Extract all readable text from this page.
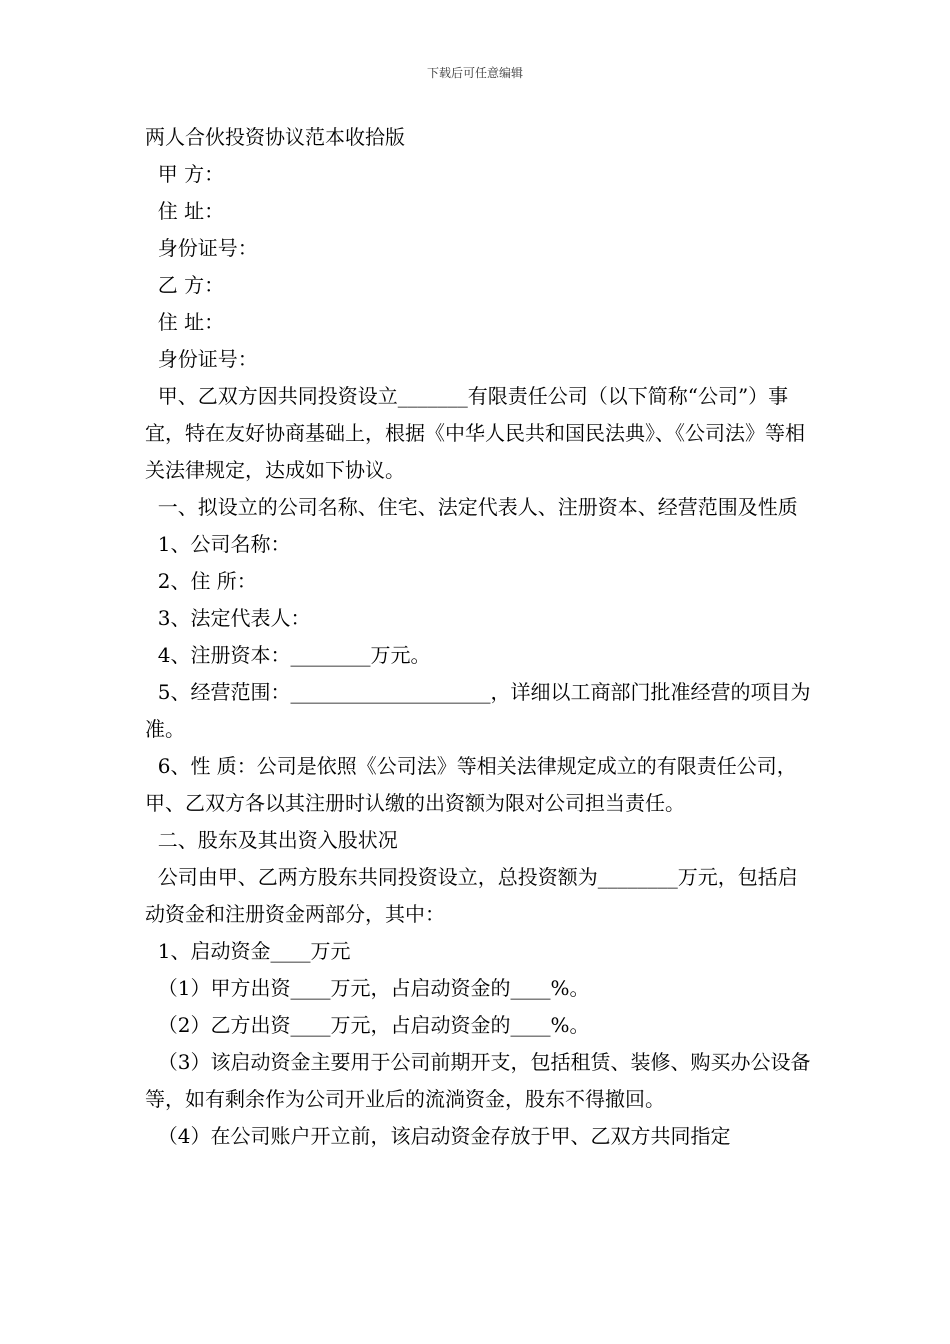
下载后可任意编辑

两人合伙投资协议范本收拾版

甲 方：

住 址：

身份证号：

乙 方：

住 址：

身份证号：

甲、乙双方因共同投资设立_______有限责任公司（以下简称“公司”）事宜，特在友好协商基础上，根据《中华人民共和国民法典》、《公司法》等相关法律规定，达成如下协议。

一、拟设立的公司名称、住宅、法定代表人、注册资本、经营范围及性质

1、公司名称：

2、住 所：

3、法定代表人：

4、注册资本：________万元。

5、经营范围：____________________，详细以工商部门批准经营的项目为准。

6、性 质：公司是依照《公司法》等相关法律规定成立的有限责任公司，甲、乙双方各以其注册时认缴的出资额为限对公司担当责任。

二、股东及其出资入股状况

公司由甲、乙两方股东共同投资设立，总投资额为________万元，包括启动资金和注册资金两部分，其中：

1、启动资金____万元

（1）甲方出资____万元，占启动资金的____%。

（2）乙方出资____万元，占启动资金的____%。

（3）该启动资金主要用于公司前期开支，包括租赁、装修、购买办公设备等，如有剩余作为公司开业后的流淌资金，股东不得撤回。

（4）在公司账户开立前，该启动资金存放于甲、乙双方共同指定
